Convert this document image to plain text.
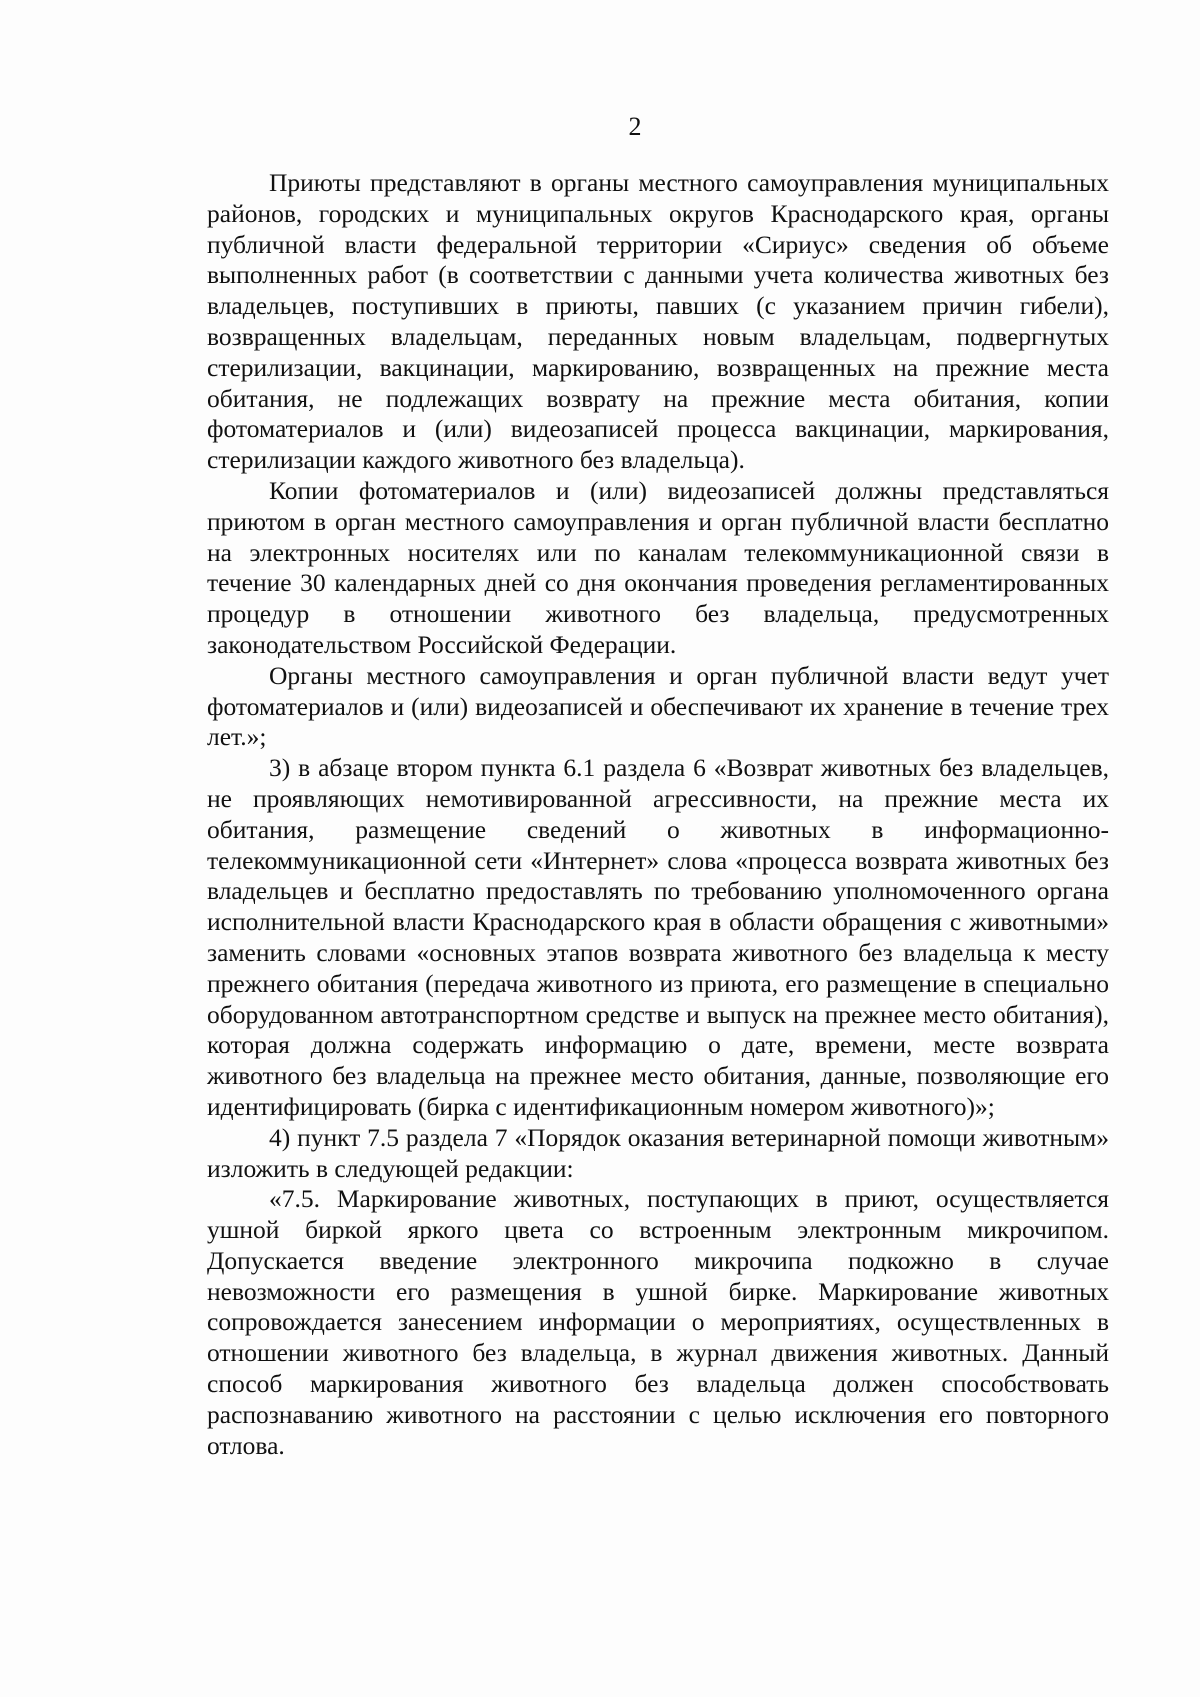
2

Приюты представляют в органы местного самоуправления муниципальных районов, городских и муниципальных округов Краснодарского края, органы публичной власти федеральной территории «Сириус» сведения об объеме выполненных работ (в соответствии с данными учета количества животных без владельцев, поступивших в приюты, павших (с указанием причин гибели), возвращенных владельцам, переданных новым владельцам, подвергнутых стерилизации, вакцинации, маркированию, возвращенных на прежние места обитания, не подлежащих возврату на прежние места обитания, копии фотоматериалов и (или) видеозаписей процесса вакцинации, маркирования, стерилизации каждого животного без владельца).

Копии фотоматериалов и (или) видеозаписей должны представляться приютом в орган местного самоуправления и орган публичной власти бесплатно на электронных носителях или по каналам телекоммуникационной связи в течение 30 календарных дней со дня окончания проведения регламентированных процедур в отношении животного без владельца, предусмотренных законодательством Российской Федерации.

Органы местного самоуправления и орган публичной власти ведут учет фотоматериалов и (или) видеозаписей и обеспечивают их хранение в течение трех лет.»;

3) в абзаце втором пункта 6.1 раздела 6 «Возврат животных без владельцев, не проявляющих немотивированной агрессивности, на прежние места их обитания, размещение сведений о животных в информационно-телекоммуникационной сети «Интернет» слова «процесса возврата животных без владельцев и бесплатно предоставлять по требованию уполномоченного органа исполнительной власти Краснодарского края в области обращения с животными» заменить словами «основных этапов возврата животного без владельца к месту прежнего обитания (передача животного из приюта, его размещение в специально оборудованном автотранспортном средстве и выпуск на прежнее место обитания), которая должна содержать информацию о дате, времени, месте возврата животного без владельца на прежнее место обитания, данные, позволяющие его идентифицировать (бирка с идентификационным номером животного)»;

4) пункт 7.5 раздела 7 «Порядок оказания ветеринарной помощи животным» изложить в следующей редакции:

«7.5. Маркирование животных, поступающих в приют, осуществляется ушной биркой яркого цвета со встроенным электронным микрочипом. Допускается введение электронного микрочипа подкожно в случае невозможности его размещения в ушной бирке. Маркирование животных сопровождается занесением информации о мероприятиях, осуществленных в отношении животного без владельца, в журнал движения животных. Данный способ маркирования животного без владельца должен способствовать распознаванию животного на расстоянии с целью исключения его повторного отлова.
